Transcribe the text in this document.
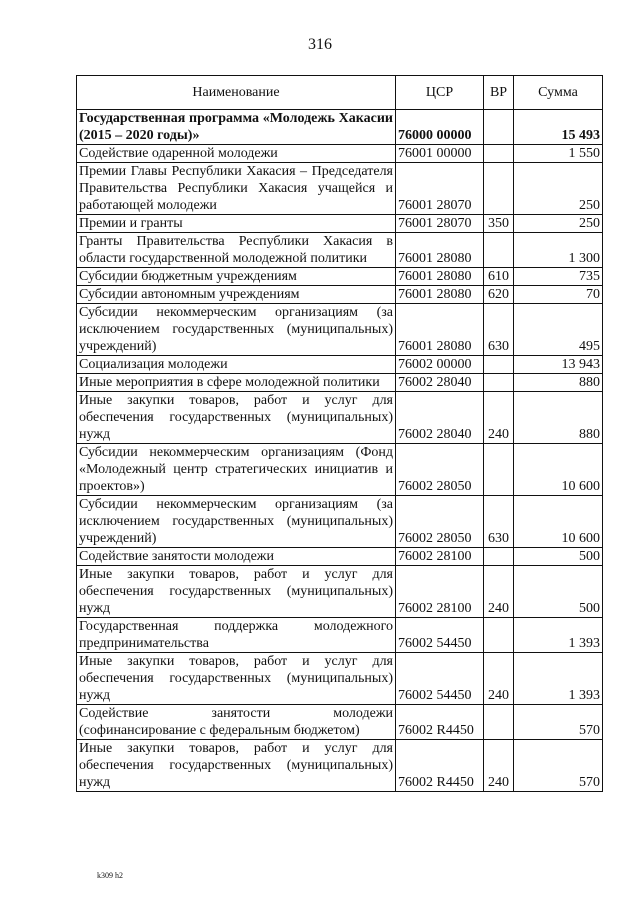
316
Наименование	ЦСР	ВР	Сумма
Государственная программа «Молодежь Хакасии (2015 – 2020 годы)»	76000 00000		15 493
Содействие одаренной молодежи	76001 00000		1 550
Премии Главы Республики Хакасия – Председателя Правительства Республики Хакасия учащейся и работающей молодежи	76001 28070		250
Премии и гранты	76001 28070	350	250
Гранты Правительства Республики Хакасия в области государственной молодежной политики	76001 28080		1 300
Субсидии бюджетным учреждениям	76001 28080	610	735
Субсидии автономным учреждениям	76001 28080	620	70
Субсидии некоммерческим организациям (за исключением государственных (муниципальных) учреждений)	76001 28080	630	495
Социализация молодежи	76002 00000		13 943
Иные мероприятия в сфере молодежной политики	76002 28040		880
Иные закупки товаров, работ и услуг для обеспечения государственных (муниципальных) нужд	76002 28040	240	880
Субсидии некоммерческим организациям (Фонд «Молодежный центр стратегических инициатив и проектов»)	76002 28050		10 600
Субсидии некоммерческим организациям (за исключением государственных (муниципальных) учреждений)	76002 28050	630	10 600
Содействие занятости молодежи	76002 28100		500
Иные закупки товаров, работ и услуг для обеспечения государственных (муниципальных) нужд	76002 28100	240	500
Государственная поддержка молодежного предпринимательства	76002 54450		1 393
Иные закупки товаров, работ и услуг для обеспечения государственных (муниципальных) нужд	76002 54450	240	1 393
Содействие занятости молодежи (софинансирование с федеральным бюджетом)	76002 R4450		570
Иные закупки товаров, работ и услуг для обеспечения государственных (муниципальных) нужд	76002 R4450	240	570
k309 h2
